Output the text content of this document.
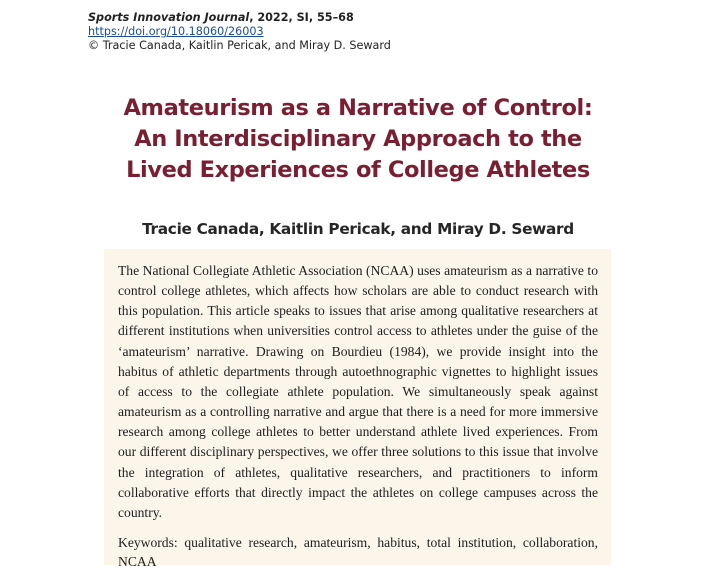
Sports Innovation Journal, 2022, SI, 55–68
https://doi.org/10.18060/26003
© Tracie Canada, Kaitlin Pericak, and Miray D. Seward
Amateurism as a Narrative of Control:
An Interdisciplinary Approach to the
Lived Experiences of College Athletes
Tracie Canada, Kaitlin Pericak, and Miray D. Seward

The National Collegiate Athletic Association (NCAA) uses amateurism as a narrative to control college athletes, which affects how scholars are able to conduct research with this population. This article speaks to issues that arise among qualitative researchers at different institutions when universities control access to athletes under the guise of the ‘amateurism’ narrative. Drawing on Bourdieu (1984), we provide insight into the habitus of athletic departments through autoethnographic vignettes to highlight issues of access to the collegiate athlete population. We simultaneously speak against amateurism as a controlling narrative and argue that there is a need for more immersive research among college athletes to better understand athlete lived experiences. From our different disciplinary perspectives, we offer three solutions to this issue that involve the integration of athletes, qualitative researchers, and practitioners to inform collaborative efforts that directly impact the athletes on college campuses across the country.

Keywords: qualitative research, amateurism, habitus, total institution, collaboration, NCAA
